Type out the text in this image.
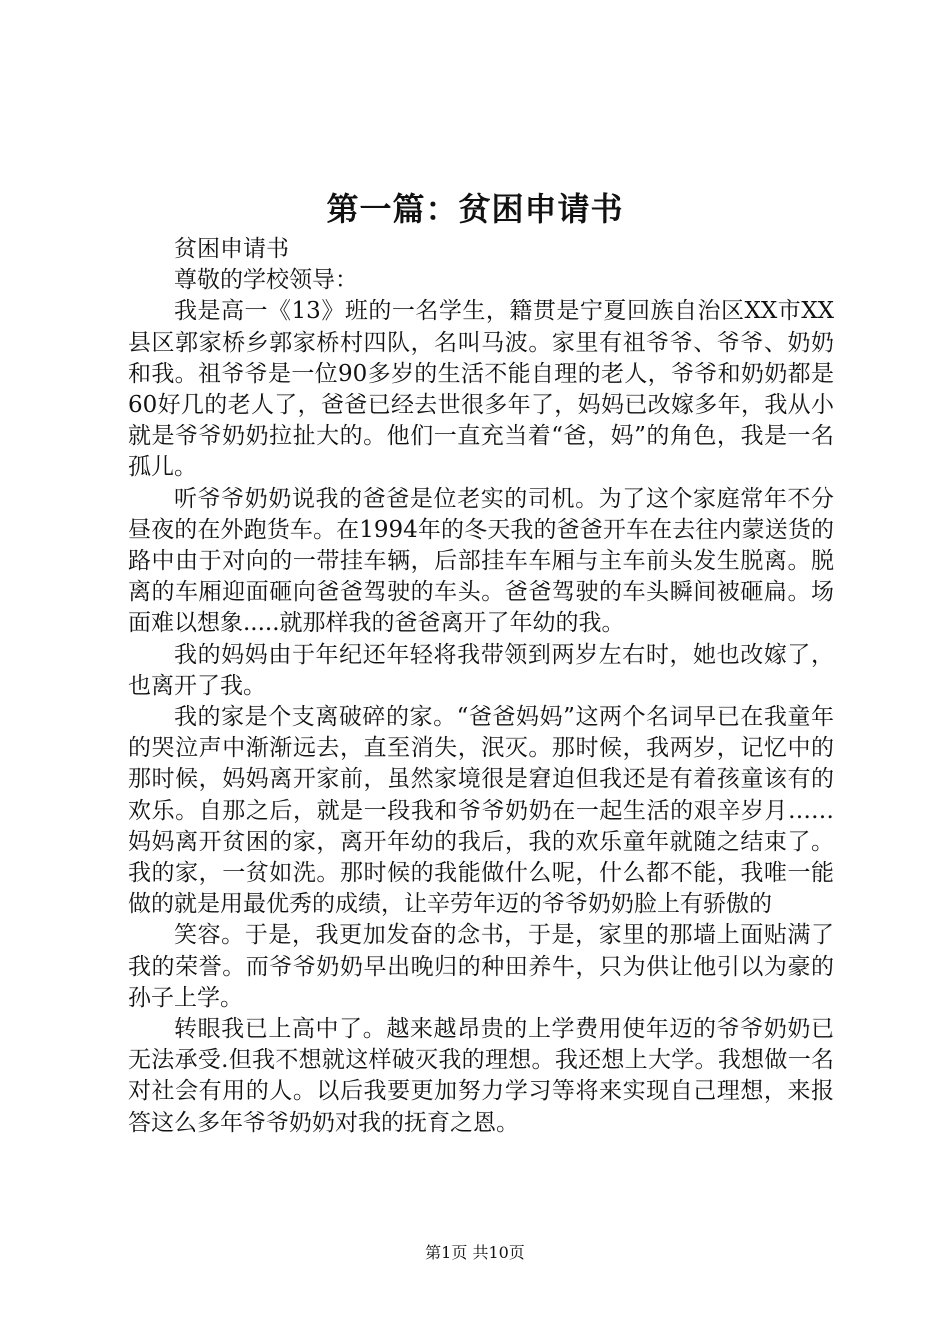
第一篇：贫困申请书

贫困申请书

尊敬的学校领导：

我是高一《13》班的一名学生，籍贯是宁夏回族自治区XX市XX县区郭家桥乡郭家桥村四队，名叫马波。家里有祖爷爷、爷爷、奶奶和我。祖爷爷是一位90多岁的生活不能自理的老人，爷爷和奶奶都是60好几的老人了，爸爸已经去世很多年了，妈妈已改嫁多年，我从小就是爷爷奶奶拉扯大的。他们一直充当着“爸，妈”的角色，我是一名孤儿。

听爷爷奶奶说我的爸爸是位老实的司机。为了这个家庭常年不分昼夜的在外跑货车。在1994年的冬天我的爸爸开车在去往内蒙送货的路中由于对向的一带挂车辆，后部挂车车厢与主车前头发生脱离。脱离的车厢迎面砸向爸爸驾驶的车头。爸爸驾驶的车头瞬间被砸扁。场面难以想象.....就那样我的爸爸离开了年幼的我。

我的妈妈由于年纪还年轻将我带领到两岁左右时，她也改嫁了，也离开了我。

我的家是个支离破碎的家。“爸爸妈妈”这两个名词早已在我童年的哭泣声中渐渐远去，直至消失，泯灭。那时候，我两岁，记忆中的那时候，妈妈离开家前，虽然家境很是窘迫但我还是有着孩童该有的欢乐。自那之后，就是一段我和爷爷奶奶在一起生活的艰辛岁月……妈妈离开贫困的家，离开年幼的我后，我的欢乐童年就随之结束了。我的家，一贫如洗。那时候的我能做什么呢，什么都不能，我唯一能做的就是用最优秀的成绩，让辛劳年迈的爷爷奶奶脸上有骄傲的

笑容。于是，我更加发奋的念书，于是，家里的那墙上面贴满了我的荣誉。而爷爷奶奶早出晚归的种田养牛，只为供让他引以为豪的孙子上学。

转眼我已上高中了。越来越昂贵的上学费用使年迈的爷爷奶奶已无法承受.但我不想就这样破灭我的理想。我还想上大学。我想做一名对社会有用的人。以后我要更加努力学习等将来实现自己理想，来报答这么多年爷爷奶奶对我的抚育之恩。

第1页 共10页
